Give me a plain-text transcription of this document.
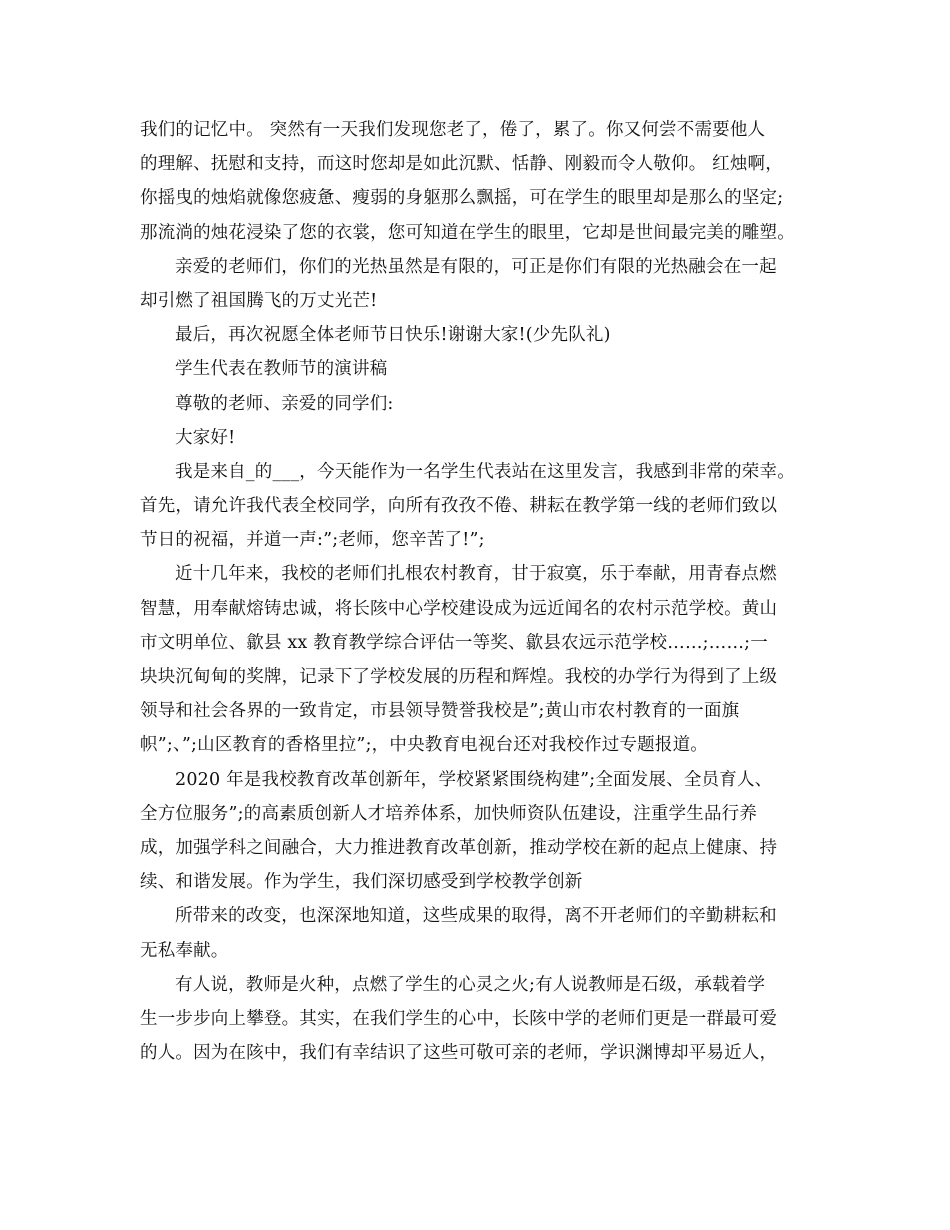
我们的记忆中。 突然有一天我们发现您老了，倦了，累了。你又何尝不需要他人
的理解、抚慰和支持，而这时您却是如此沉默、恬静、刚毅而令人敬仰。 红烛啊，
你摇曳的烛焰就像您疲惫、瘦弱的身躯那么飘摇，可在学生的眼里却是那么的坚定;
那流淌的烛花浸染了您的衣裳，您可知道在学生的眼里，它却是世间最完美的雕塑。
亲爱的老师们，你们的光热虽然是有限的，可正是你们有限的光热融会在一起
却引燃了祖国腾飞的万丈光芒!
最后，再次祝愿全体老师节日快乐!谢谢大家!(少先队礼)
学生代表在教师节的演讲稿
尊敬的老师、亲爱的同学们:
大家好!
我是来自_的___，今天能作为一名学生代表站在这里发言，我感到非常的荣幸。
首先，请允许我代表全校同学，向所有孜孜不倦、耕耘在教学第一线的老师们致以
节日的祝福，并道一声:”;老师，您辛苦了!”;
近十几年来，我校的老师们扎根农村教育，甘于寂寞，乐于奉献，用青春点燃
智慧，用奉献熔铸忠诚，将长陔中心学校建设成为远近闻名的农村示范学校。黄山
市文明单位、歙县 xx 教育教学综合评估一等奖、歙县农远示范学校……;……;一
块块沉甸甸的奖牌，记录下了学校发展的历程和辉煌。我校的办学行为得到了上级
领导和社会各界的一致肯定，市县领导赞誉我校是”;黄山市农村教育的一面旗
帜”;、”;山区教育的香格里拉”;，中央教育电视台还对我校作过专题报道。
2020 年是我校教育改革创新年，学校紧紧围绕构建”;全面发展、全员育人、
全方位服务”;的高素质创新人才培养体系，加快师资队伍建设，注重学生品行养
成，加强学科之间融合，大力推进教育改革创新，推动学校在新的起点上健康、持
续、和谐发展。作为学生，我们深切感受到学校教学创新
所带来的改变，也深深地知道，这些成果的取得，离不开老师们的辛勤耕耘和
无私奉献。
有人说，教师是火种，点燃了学生的心灵之火;有人说教师是石级，承载着学
生一步步向上攀登。其实，在我们学生的心中，长陔中学的老师们更是一群最可爱
的人。因为在陔中，我们有幸结识了这些可敬可亲的老师，学识渊博却平易近人，
